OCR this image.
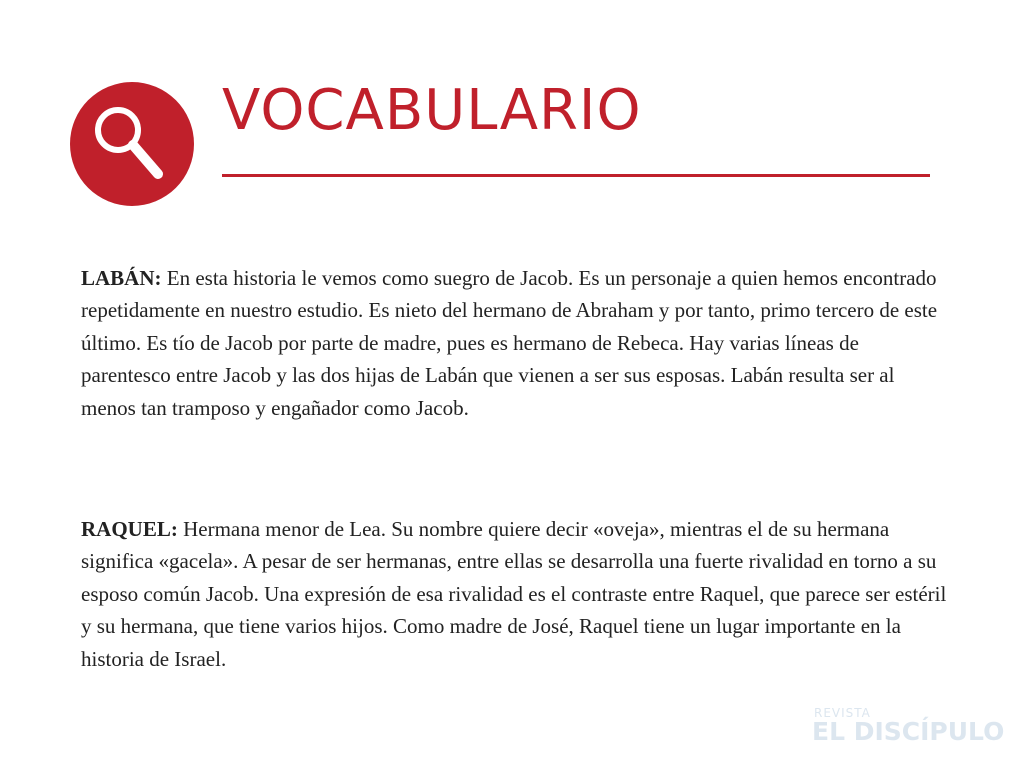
VOCABULARIO

LABÁN: En esta historia le vemos como suegro de Jacob. Es un personaje a quien hemos encontrado repetidamente en nuestro estudio. Es nieto del hermano de Abraham y por tanto, primo tercero de este último. Es tío de Jacob por parte de madre, pues es hermano de Rebeca. Hay varias líneas de parentesco entre Jacob y las dos hijas de Labán que vienen a ser sus esposas. Labán resulta ser al menos tan tramposo y engañador como Jacob.

RAQUEL: Hermana menor de Lea. Su nombre quiere decir «oveja», mientras el de su hermana significa «gacela». A pesar de ser hermanas, entre ellas se desarrolla una fuerte rivalidad en torno a su esposo común Jacob. Una expresión de esa rivalidad es el contraste entre Raquel, que parece ser estéril y su hermana, que tiene varios hijos. Como madre de José, Raquel tiene un lugar importante en la historia de Israel.

REVISTA
EL DISCÍPULO
